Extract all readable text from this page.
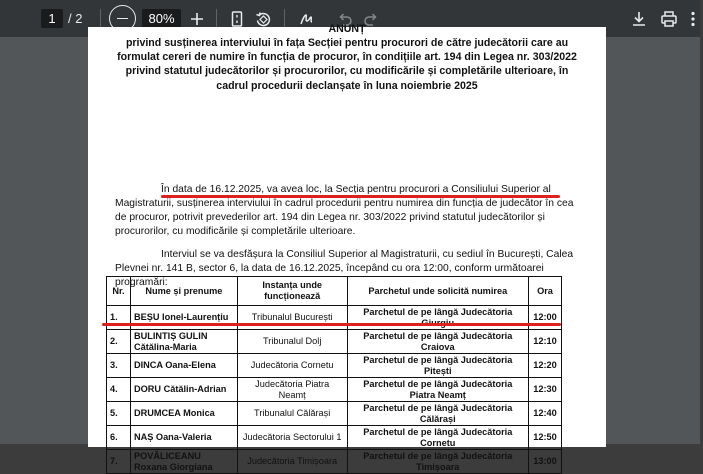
1 / 2	80%
ANUNȚ
privind susținerea interviului în fața Secției pentru procurori de către judecătorii care au
formulat cereri de numire în funcția de procuror, în condițiile art. 194 din Legea nr. 303/2022
privind statutul judecătorilor și procurorilor, cu modificările și completările ulterioare, în
cadrul procedurii declanșate în luna noiembrie 2025
În data de 16.12.2025, va avea loc, la Secția pentru procurori a Consiliului Superior al
Magistraturii, susținerea interviului în cadrul procedurii pentru numirea din funcția de judecător în cea
de procuror, potrivit prevederilor art. 194 din Legea nr. 303/2022 privind statutul judecătorilor și
procurorilor, cu modificările și completările ulterioare.
Interviul se va desfășura la Consiliul Superior al Magistraturii, cu sediul în București, Calea
Plevnei nr. 141 B, sector 6, la data de 16.12.2025, începând cu ora 12:00, conform următoarei programări:
Nr.	Nume și prenume	Instanța unde funcționează	Parchetul unde solicită numirea	Ora
1.	BEȘU Ionel-Laurențiu	Tribunalul București	Parchetul de pe lângă Judecătoria	12:00
2.	BULINTIȘ GULIN Cătălina-Maria	Tribunalul Dolj	Parchetul de pe lângă Judecătoria Craiova	12:10
3.	DINCA Oana-Elena	Judecătoria Cornetu	Parchetul de pe lângă Judecătoria Pitești	12:20
4.	DORU Cătălin-Adrian	Judecătoria Piatra Neamț	Parchetul de pe lângă Judecătoria Piatra Neamț	12:30
5.	DRUMCEA Monica	Tribunalul Călărași	Parchetul de pe lângă Judecătoria Călărași	12:40
6.	NAȘ Oana-Valeria	Judecătoria Sectorului 1	Parchetul de pe lângă Judecătoria Cornetu	12:50
7.	POVĂLICEANU Roxana Giorgiana	Judecătoria Timișoara	Parchetul de pe lângă Judecătoria Timișoara	13:00
